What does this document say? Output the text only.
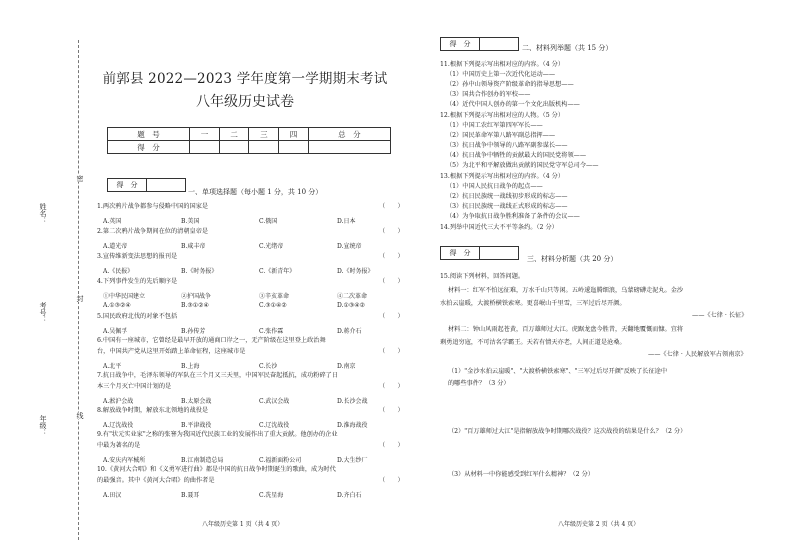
姓名：
考号：
年级：
密
封
线
前郭县 2022—2023 学年度第一学期期末考试
八年级历史试卷
题　号	一	二	三	四	总　分
得　分					
得　分	
一、单项选择题（每小题 1 分，共 10 分）
1.两次鸦片战争都参与侵略中国的国家是	（　　）
A.英国	B.美国	C.俄国	D.日本
2.第二次鸦片战争期间在位的清朝皇帝是	（　　）
A.道光帝	B.咸丰帝	C.光绪帝	D.宣统帝
3.宣传维新变法思想的报刊是	（　　）
A.《民报》	B.《时务报》	C.《新青年》	D.《时务报》
4.下列事件发生的先后顺序是	（　　）
①中华民国建立	②护国战争	③辛亥革命	④二次革命
A.①③②④	B.③①②④	C.③①④②	D.①③④②
5.国民政府北伐的对象不包括	（　　）
A.吴佩孚	B.孙传芳	C.张作霖	D.蒋介石
6.中国有一座城市，它曾经是最早开放的通商口岸之一，无产阶级在这里登上政治舞
台，中国共产党从这里开始踏上革命征程，这座城市是	（　　）
A.北平	B.上海	C.长沙	D.南京
7.抗日战争中，毛泽东领导的军队在三个月又三天里，中国军民奋起抵抗，成功粉碎了日
本三个月灭亡中国计划的是	（　　）
A.淞沪会战	B.太原会战	C.武汉会战	D.长沙会战
8.解放战争时期，解放东北领地的战役是	（　　）
A.辽沈战役	B.平津战役	C.辽沈战役	D.淮海战役
9.有"状元实业家"之称的张謇为我国近代民族工业的发展作出了重大贡献。他创办的企业
中最为著名的是	（　　）
A.安庆内军械所	B.江南制造总局	C.福新面粉公司	D.大生纱厂
10.《黄河大合唱》和《义勇军进行曲》都是中国的抗日战争时期诞生的歌曲，成为时代
的最强音。其中《黄河大合唱》的曲作者是	（　　）
A.田汉	B.聂耳	C.冼星海	D.齐白石
得　分		二、材料列举题（共 15 分）
11.根据下列提示写出相对应的内容。（4 分）
（1）中国历史上第一次近代化运动——
（2）孙中山领导资产阶级革命的指导思想——
（3）国共合作创办的军校——
（4）近代中国人创办的第一个文化出版机构——
12.根据下列提示写出相对应的人物。（5 分）
（1）中国工农红军第四军军长——
（2）国民革命军第八路军副总指挥——
（3）抗日战争中领导的八路军副参谋长——
（4）抗日战争中牺牲的贡献最大的国民党将领——
（5）为北平和平解放做出贡献的国民党守军总司令——
13.根据下列提示写出相对应的内容。（4 分）
（1）中国人民抗日战争的起点——
（2）抗日民族统一战线初步形成的标志——
（3）抗日民族统一战线正式形成的标志——
（4）为争取抗日战争胜利准备了条件的会议——
14.列举中国近代三大不平等条约。（2 分）
得　分	
三、材料分析题（共 20 分）
15.阅读下列材料，回答问题。
材料一：红军不怕远征难，万水千山只等闲。五岭逶迤腾细浪，乌蒙磅礴走泥丸。金沙
水拍云崖暖，大渡桥横铁索寒。更喜岷山千里雪，三军过后尽开颜。
——《七律 · 长征》
材料二：钟山风雨起苍黄，百万雄师过大江。虎踞龙盘今胜昔，天翻地覆慨而慷。宜将
剩勇追穷寇，不可沽名学霸王。天若有情天亦老，人间正道是沧桑。
——《七律 · 人民解放军占领南京》
（1）"金沙水拍云崖暖"、"大渡桥横铁索寒"、"三军过后尽开颜"反映了长征途中
的哪些事件？（3 分）
（2）"百万雄师过大江"是指解放战争时期哪次战役？这次战役的结果是什么？（2 分）
（3）从材料一中你能感受到红军什么精神？（2 分）
八年级历史第 1 页（共 4 页）	八年级历史第 2 页（共 4 页）
